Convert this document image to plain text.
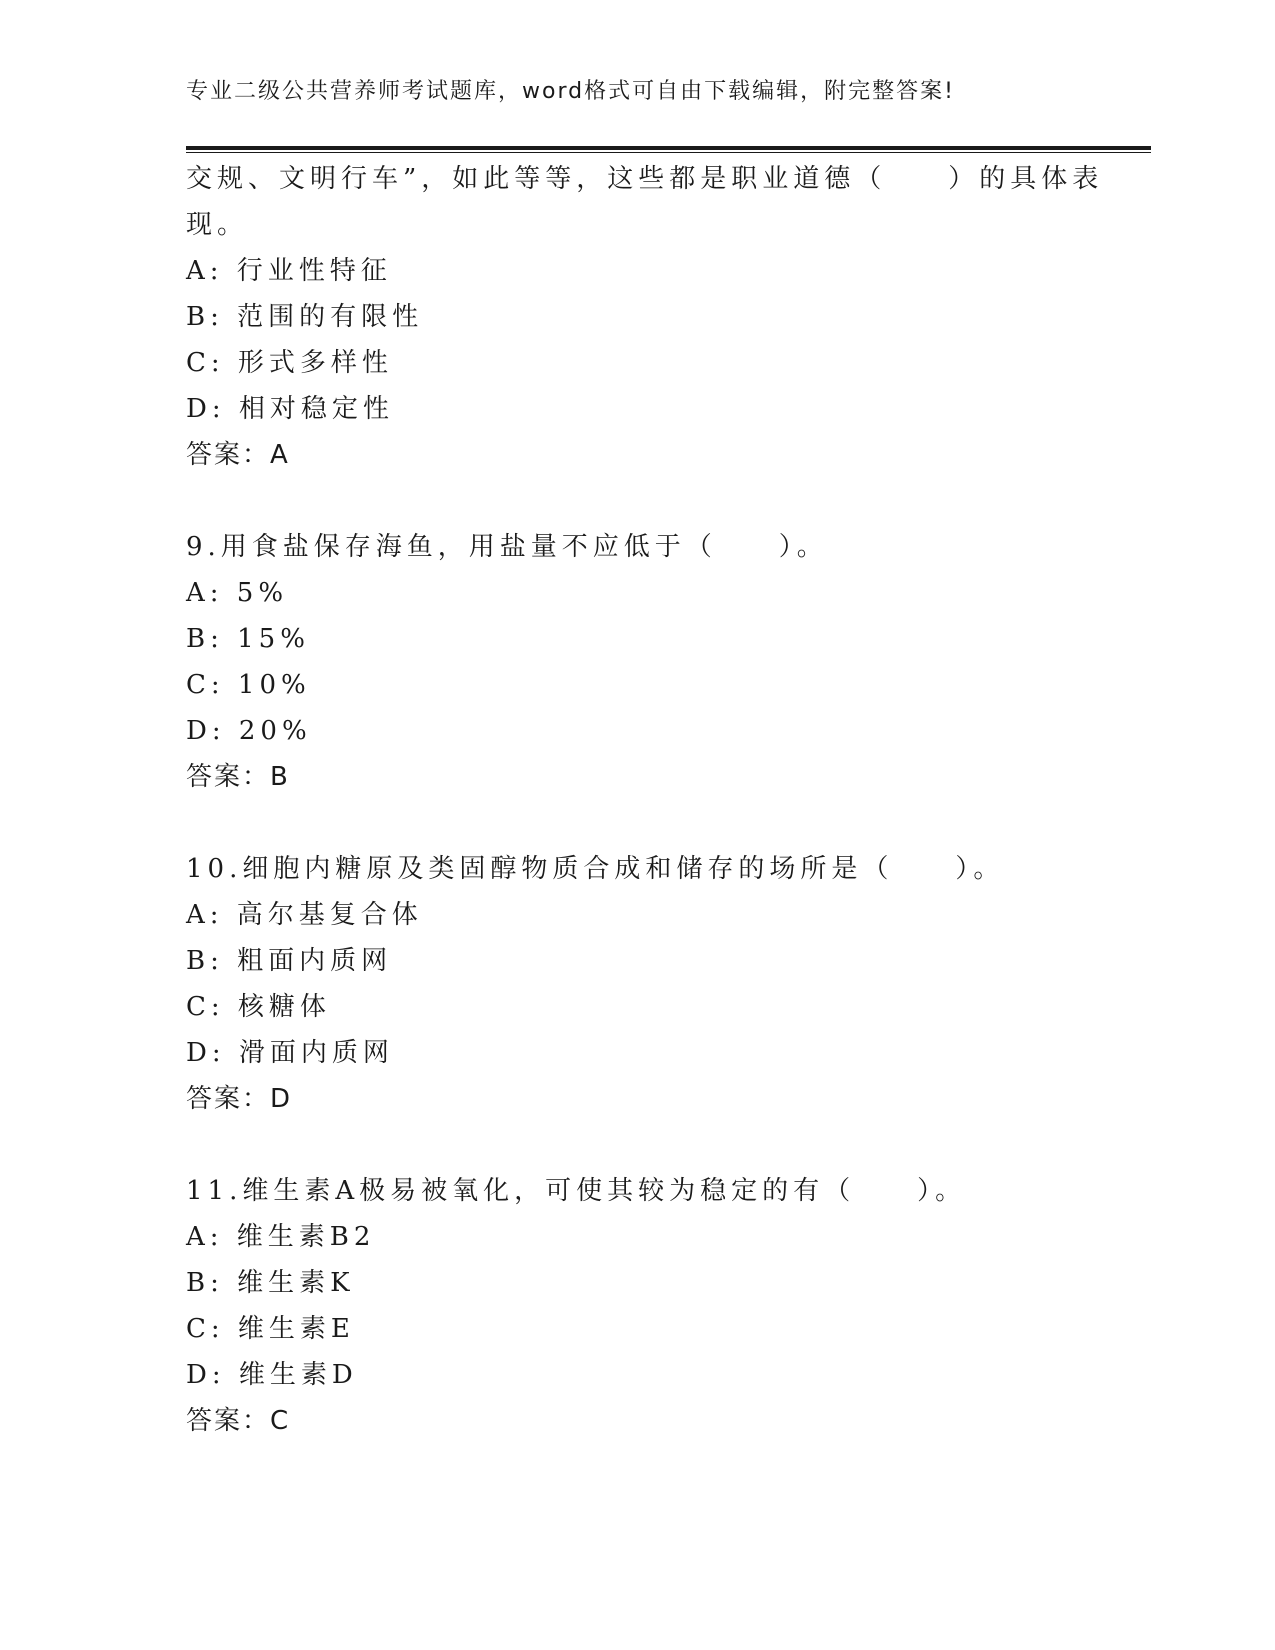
专业二级公共营养师考试题库，word格式可自由下载编辑，附完整答案!
交规、文明行车”，如此等等，这些都是职业道德（　　）的具体表
现。
A: 行业性特征
B: 范围的有限性
C: 形式多样性
D: 相对稳定性
答案：A
9.用食盐保存海鱼，用盐量不应低于（　　）。
A: 5%
B: 15%
C: 10%
D: 20%
答案：B
10.细胞内糖原及类固醇物质合成和储存的场所是（　　）。
A: 高尔基复合体
B: 粗面内质网
C: 核糖体
D: 滑面内质网
答案：D
11.维生素A极易被氧化，可使其较为稳定的有（　　）。
A: 维生素B2
B: 维生素K
C: 维生素E
D: 维生素D
答案：C
